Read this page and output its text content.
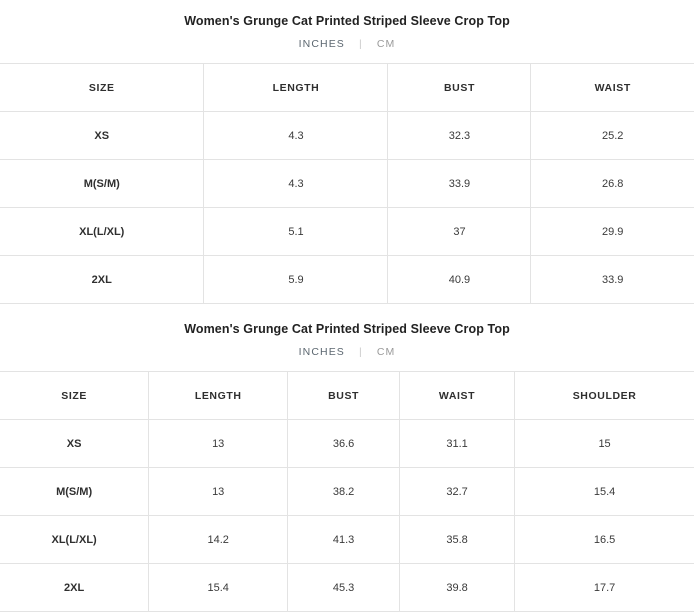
Women's Grunge Cat Printed Striped Sleeve Crop Top
INCHES | CM
SIZE	LENGTH	BUST	WAIST
XS	4.3	32.3	25.2
M(S/M)	4.3	33.9	26.8
XL(L/XL)	5.1	37	29.9
2XL	5.9	40.9	33.9
Women's Grunge Cat Printed Striped Sleeve Crop Top
INCHES | CM
SIZE	LENGTH	BUST	WAIST	SHOULDER
XS	13	36.6	31.1	15
M(S/M)	13	38.2	32.7	15.4
XL(L/XL)	14.2	41.3	35.8	16.5
2XL	15.4	45.3	39.8	17.7
